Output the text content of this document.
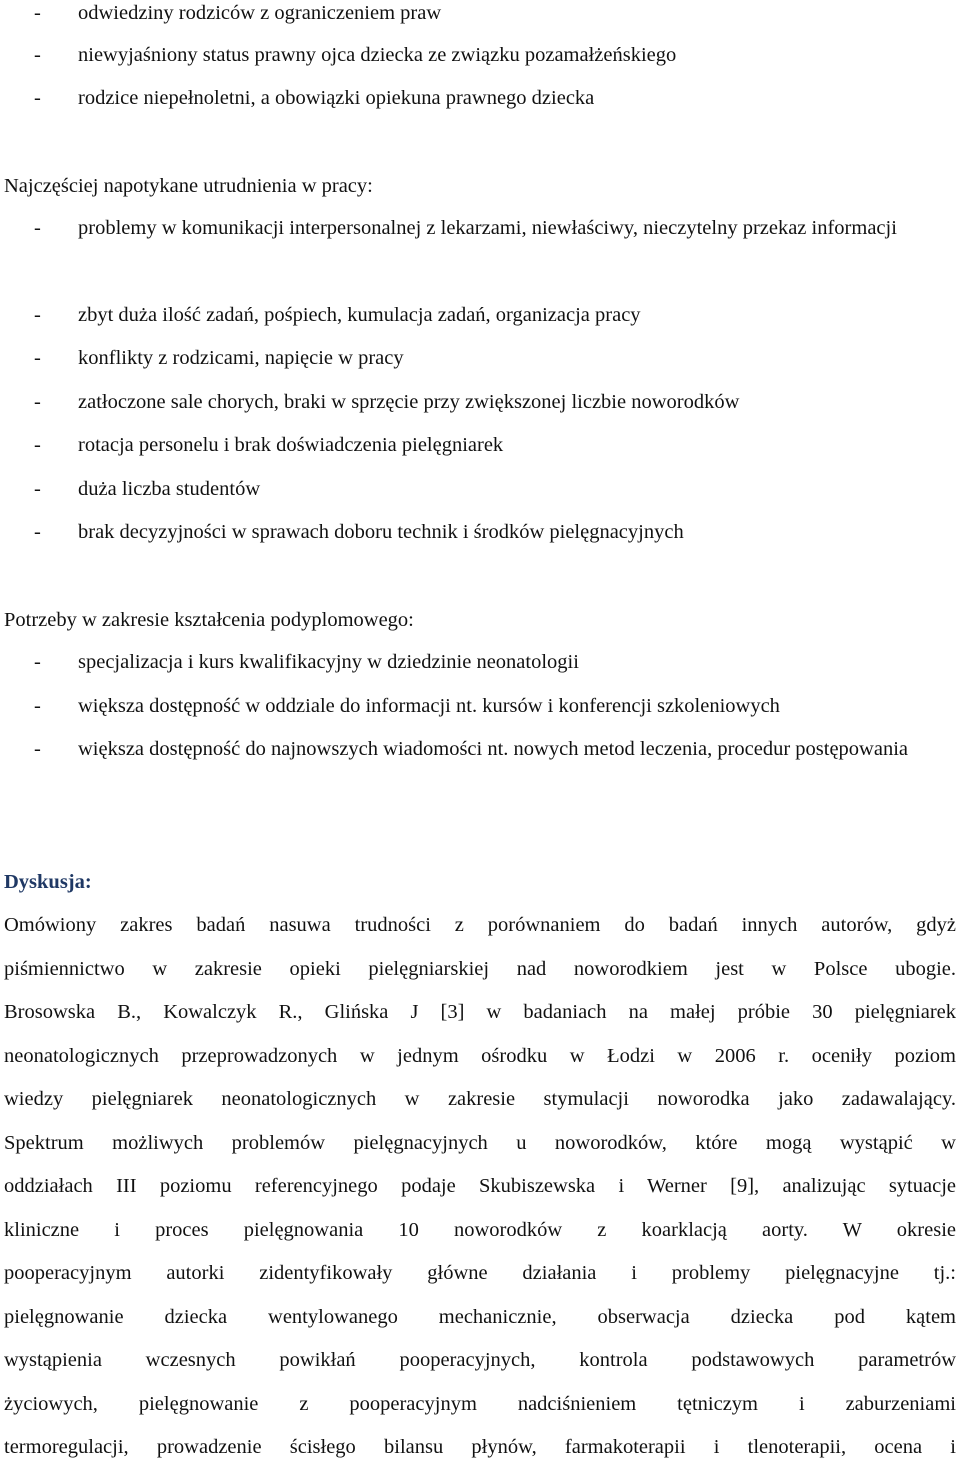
- odwiedziny rodziców z ograniczeniem praw
- niewyjaśniony status prawny ojca dziecka ze związku pozamałżeńskiego
- rodzice niepełnoletni, a obowiązki opiekuna prawnego dziecka
Najczęściej napotykane utrudnienia w pracy:
- problemy w komunikacji interpersonalnej z lekarzami, niewłaściwy, nieczytelny przekaz informacji
- zbyt duża ilość zadań, pośpiech, kumulacja zadań, organizacja pracy
- konflikty z rodzicami, napięcie w pracy
- zatłoczone sale chorych, braki w sprzęcie przy zwiększonej liczbie noworodków
- rotacja personelu i brak doświadczenia pielęgniarek
- duża liczba studentów
- brak decyzyjności w sprawach doboru technik i środków pielęgnacyjnych
Potrzeby w zakresie kształcenia podyplomowego:
- specjalizacja i kurs kwalifikacyjny w dziedzinie neonatologii
- większa dostępność w oddziale do informacji nt. kursów i konferencji szkoleniowych
- większa dostępność do najnowszych wiadomości nt. nowych metod leczenia, procedur postępowania
Dyskusja:
Omówiony zakres badań nasuwa trudności z porównaniem do badań innych autorów, gdyż
piśmiennictwo w zakresie opieki pielęgniarskiej nad noworodkiem jest w Polsce ubogie.
Brosowska B., Kowalczyk R., Glińska J [3] w badaniach na małej próbie 30 pielęgniarek
neonatologicznych przeprowadzonych w jednym ośrodku w Łodzi w 2006 r. oceniły poziom
wiedzy pielęgniarek neonatologicznych w zakresie stymulacji noworodka jako zadawalający.
Spektrum możliwych problemów pielęgnacyjnych u noworodków, które mogą wystąpić w
oddziałach III poziomu referencyjnego podaje Skubiszewska i Werner [9], analizując sytuacje
kliniczne i proces pielęgnowania 10 noworodków z koarklacją aorty. W okresie
pooperacyjnym autorki zidentyfikowały główne działania i problemy pielęgnacyjne tj.:
pielęgnowanie dziecka wentylowanego mechanicznie, obserwacja dziecka pod kątem
wystąpienia wczesnych powikłań pooperacyjnych, kontrola podstawowych parametrów
życiowych, pielęgnowanie z pooperacyjnym nadciśnieniem tętniczym i zaburzeniami
termoregulacji, prowadzenie ścisłego bilansu płynów, farmakoterapii i tlenoterapii, ocena i
